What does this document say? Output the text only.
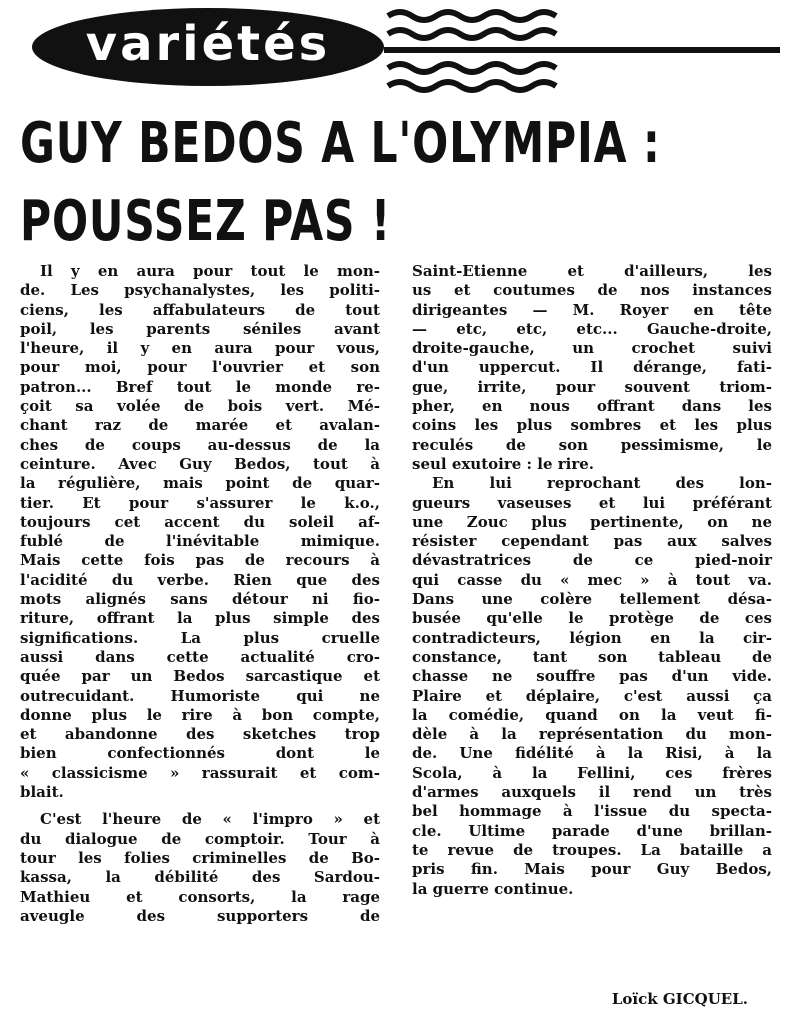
variétés
GUY BEDOS A L'OLYMPIA :
POUSSEZ PAS !
Il y en aura pour tout le mon-
de. Les psychanalystes, les politi-
ciens, les affabulateurs de tout
poil, les parents séniles avant
l'heure, il y en aura pour vous,
pour moi, pour l'ouvrier et son
patron... Bref tout le monde re-
çoit sa volée de bois vert. Mé-
chant raz de marée et avalan-
ches de coups au-dessus de la
ceinture. Avec Guy Bedos, tout à
la régulière, mais point de quar-
tier. Et pour s'assurer le k.o.,
toujours cet accent du soleil af-
fublé de l'inévitable mimique.
Mais cette fois pas de recours à
l'acidité du verbe. Rien que des
mots alignés sans détour ni fio-
riture, offrant la plus simple des
significations. La plus cruelle
aussi dans cette actualité cro-
quée par un Bedos sarcastique et
outrecuidant. Humoriste qui ne
donne plus le rire à bon compte,
et abandonne des sketches trop
bien confectionnés dont le
« classicisme » rassurait et com-
blait.
C'est l'heure de « l'impro » et
du dialogue de comptoir. Tour à
tour les folies criminelles de Bo-
kassa, la débilité des Sardou-
Mathieu et consorts, la rage
aveugle des supporters de
Saint-Etienne et d'ailleurs, les
us et coutumes de nos instances
dirigeantes — M. Royer en tête
— etc, etc, etc... Gauche-droite,
droite-gauche, un crochet suivi
d'un uppercut. Il dérange, fati-
gue, irrite, pour souvent triom-
pher, en nous offrant dans les
coins les plus sombres et les plus
reculés de son pessimisme, le
seul exutoire : le rire.
En lui reprochant des lon-
gueurs vaseuses et lui préférant
une Zouc plus pertinente, on ne
résister cependant pas aux salves
dévastratrices de ce pied-noir
qui casse du « mec » à tout va.
Dans une colère tellement désa-
busée qu'elle le protège de ces
contradicteurs, légion en la cir-
constance, tant son tableau de
chasse ne souffre pas d'un vide.
Plaire et déplaire, c'est aussi ça
la comédie, quand on la veut fi-
dèle à la représentation du mon-
de. Une fidélité à la Risi, à la
Scola, à la Fellini, ces frères
d'armes auxquels il rend un très
bel hommage à l'issue du specta-
cle. Ultime parade d'une brillan-
te revue de troupes. La bataille a
pris fin. Mais pour Guy Bedos,
la guerre continue.
Loïck GICQUEL.
